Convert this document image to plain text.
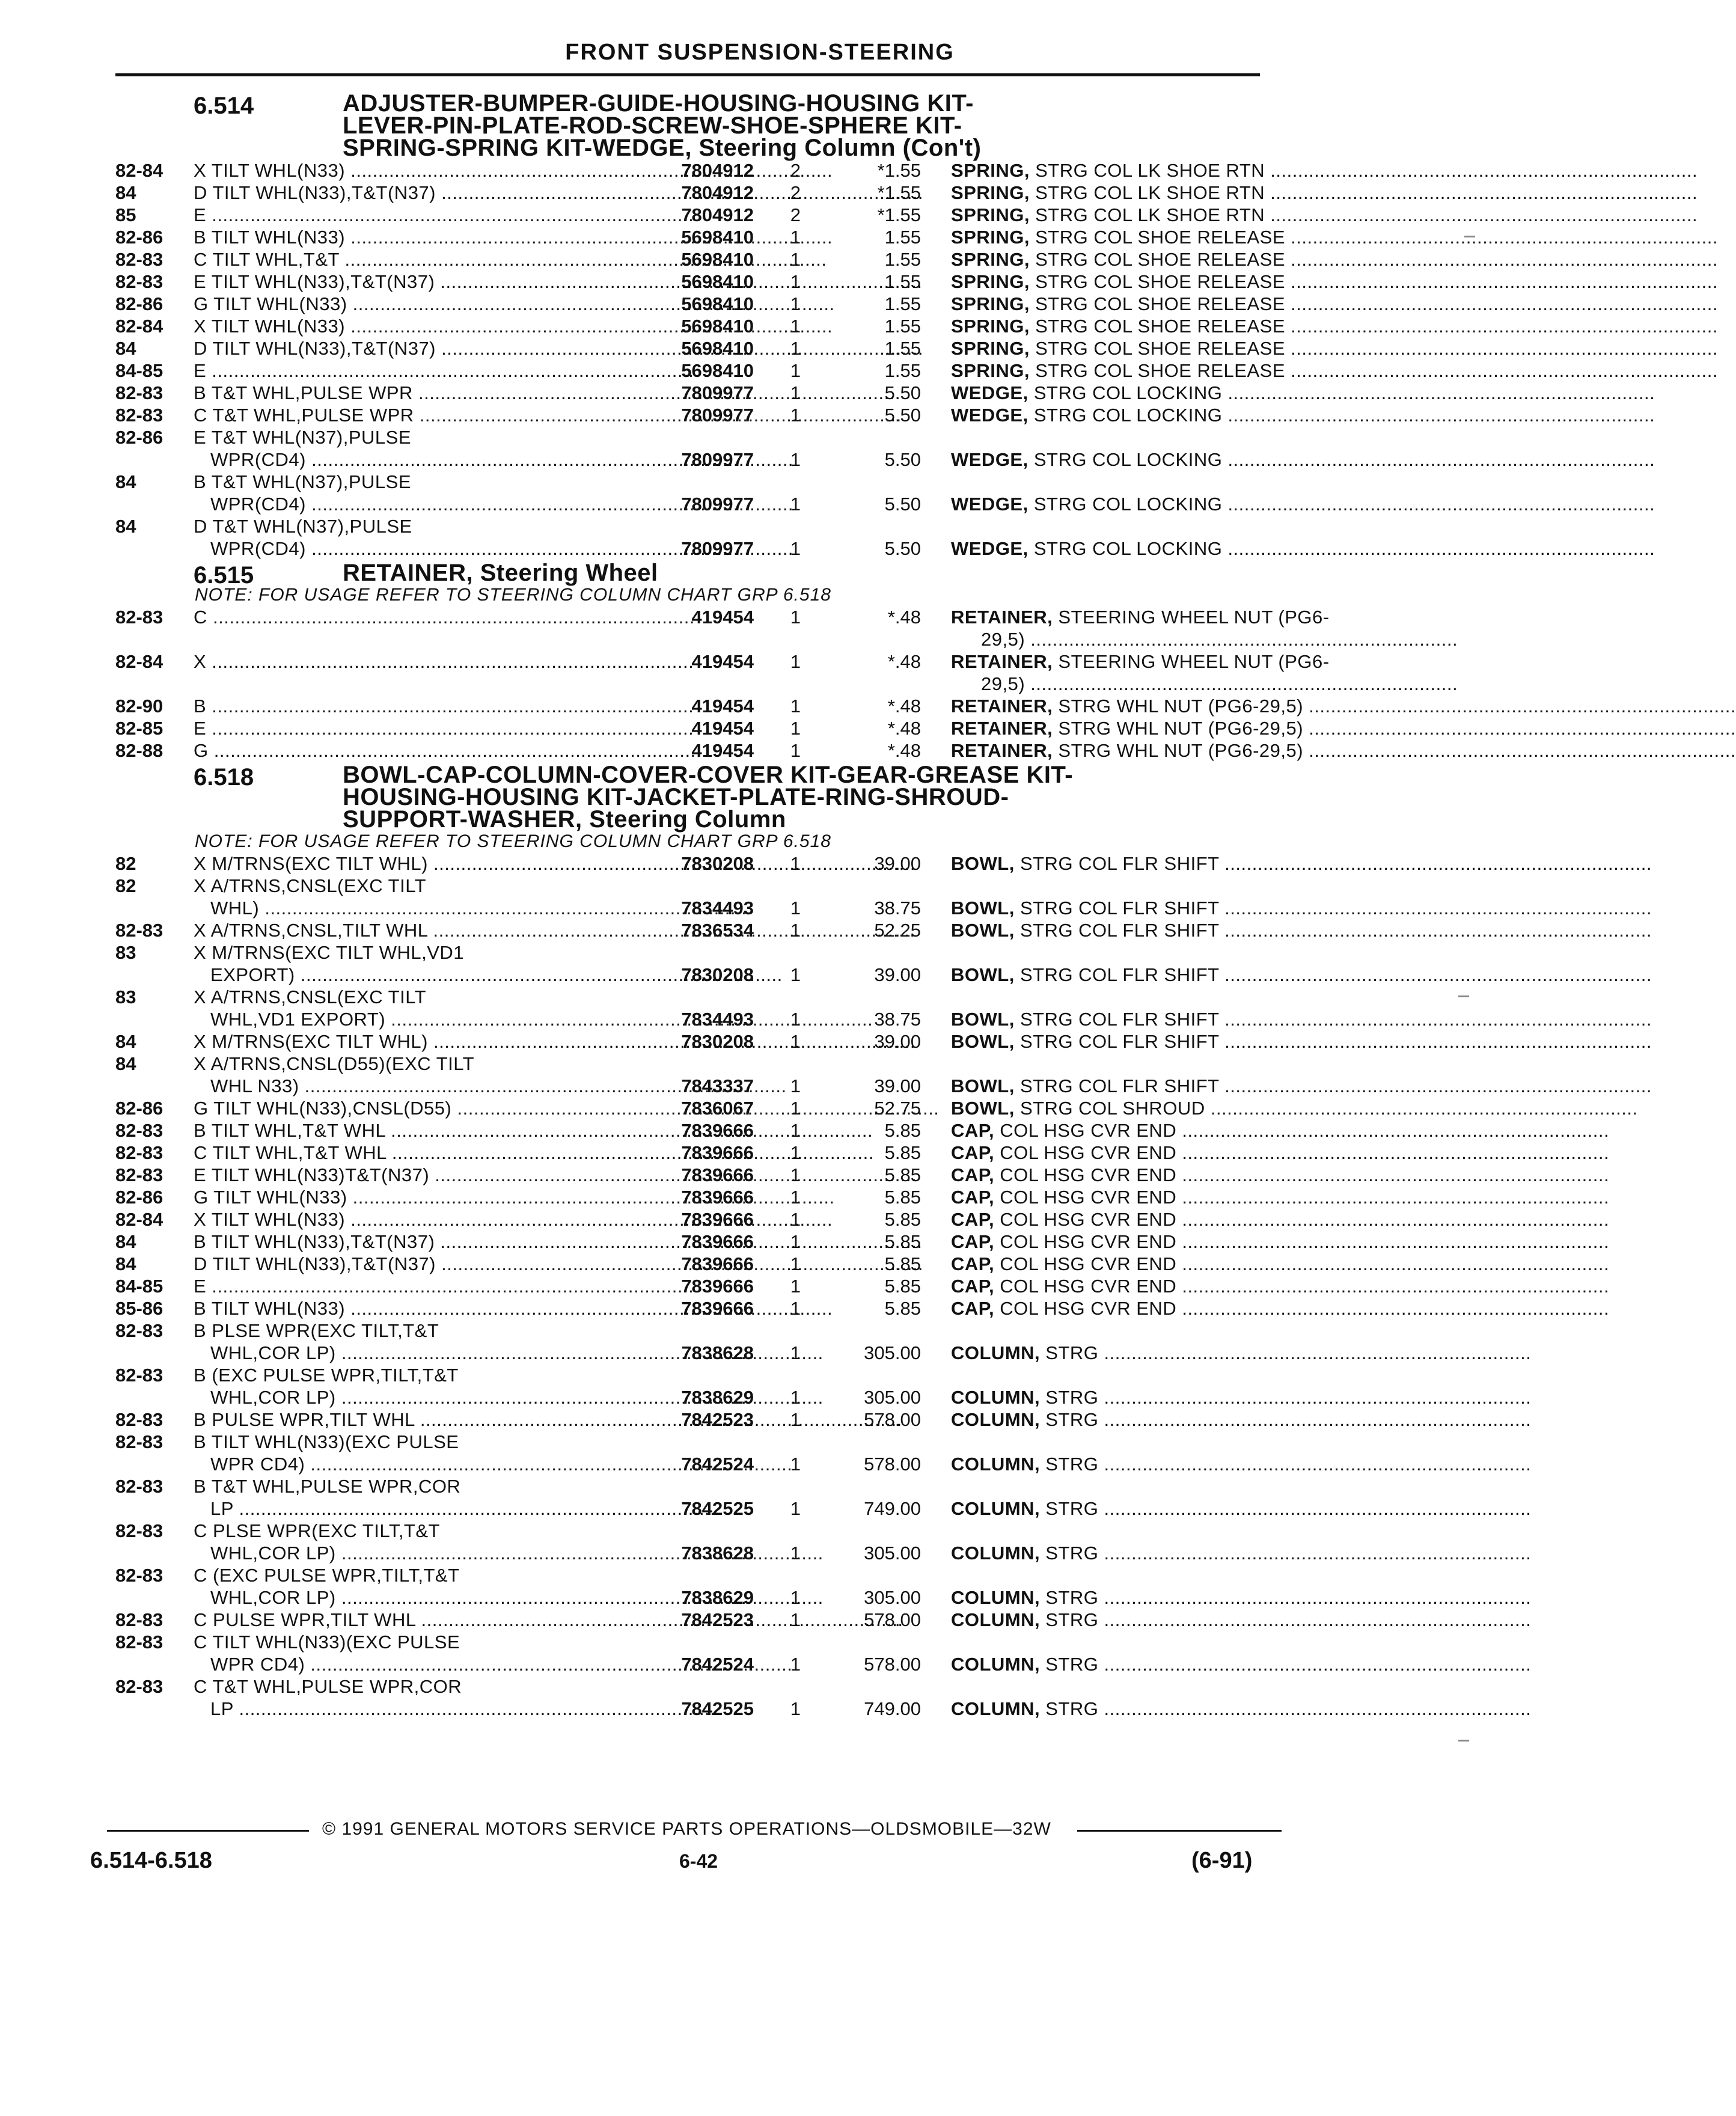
FRONT SUSPENSION-STEERING
6.514	ADJUSTER-BUMPER-GUIDE-HOUSING-HOUSING KIT-
LEVER-PIN-PLATE-ROD-SCREW-SHOE-SPHERE KIT-
SPRING-SPRING KIT-WEDGE, Steering Column (Con't)
82-84 X TILT WHL(N33) .....	7804912	2	*1.55 SPRING, STRG COL LK SHOE RTN .....
84	D TILT WHL(N33),T&T(N37) .....	7804912	2	*1.55 SPRING, STRG COL LK SHOE RTN .....
85	E .....	7804912	2	*1.55 SPRING, STRG COL LK SHOE RTN .....
82-86 B TILT WHL(N33) .....	5698410	1	1.55 SPRING, STRG COL SHOE RELEASE .....
82-83 C TILT WHL,T&T .....	5698410	1	1.55 SPRING, STRG COL SHOE RELEASE .....
82-83 E TILT WHL(N33),T&T(N37) .....	5698410	1	1.55 SPRING, STRG COL SHOE RELEASE .....
82-86 G TILT WHL(N33) .....	5698410	1	1.55 SPRING, STRG COL SHOE RELEASE .....
82-84 X TILT WHL(N33) .....	5698410	1	1.55 SPRING, STRG COL SHOE RELEASE .....
84	D TILT WHL(N33),T&T(N37) .....	5698410	1	1.55 SPRING, STRG COL SHOE RELEASE .....
84-85 E .....	5698410	1	1.55 SPRING, STRG COL SHOE RELEASE .....
82-83 B T&T WHL,PULSE WPR .....	7809977	1	5.50 WEDGE, STRG COL LOCKING .....
82-83 C T&T WHL,PULSE WPR .....	7809977	1	5.50 WEDGE, STRG COL LOCKING .....
82-86 E T&T WHL(N37),PULSE
WPR(CD4) .....	7809977	1	5.50 WEDGE, STRG COL LOCKING .....
84	B T&T WHL(N37),PULSE
WPR(CD4) .....	7809977	1	5.50 WEDGE, STRG COL LOCKING .....
84	D T&T WHL(N37),PULSE
WPR(CD4) .....	7809977	1	5.50 WEDGE, STRG COL LOCKING .....
6.515	RETAINER, Steering Wheel
NOTE: FOR USAGE REFER TO STEERING COLUMN CHART GRP 6.518
82-83 C .....	419454	1	*.48 RETAINER, STEERING WHEEL NUT (PG6-
29,5) .....
82-84 X .....	419454	1	*.48 RETAINER, STEERING WHEEL NUT (PG6-
29,5) .....
82-90 B .....	419454	1	*.48 RETAINER, STRG WHL NUT (PG6-29,5) .....
82-85 E .....	419454	1	*.48 RETAINER, STRG WHL NUT (PG6-29,5) .....
82-88 G .....	419454	1	*.48 RETAINER, STRG WHL NUT (PG6-29,5) .....
6.518	BOWL-CAP-COLUMN-COVER-COVER KIT-GEAR-GREASE KIT-
HOUSING-HOUSING KIT-JACKET-PLATE-RING-SHROUD-
SUPPORT-WASHER, Steering Column
NOTE: FOR USAGE REFER TO STEERING COLUMN CHART GRP 6.518
82	X M/TRNS(EXC TILT WHL) .....	7830208	1	39.00 BOWL, STRG COL FLR SHIFT .....
82	X A/TRNS,CNSL(EXC TILT
WHL) .....	7834493	1	38.75 BOWL, STRG COL FLR SHIFT .....
82-83 X A/TRNS,CNSL,TILT WHL .....	7836534	1	52.25 BOWL, STRG COL FLR SHIFT .....
83	X M/TRNS(EXC TILT WHL,VD1
EXPORT) .....	7830208	1	39.00 BOWL, STRG COL FLR SHIFT .....
83	X A/TRNS,CNSL(EXC TILT
WHL,VD1 EXPORT) .....	7834493	1	38.75 BOWL, STRG COL FLR SHIFT .....
84	X M/TRNS(EXC TILT WHL) .....	7830208	1	39.00 BOWL, STRG COL FLR SHIFT .....
84	X A/TRNS,CNSL(D55)(EXC TILT
WHL N33) .....	7843337	1	39.00 BOWL, STRG COL FLR SHIFT .....
82-86 G TILT WHL(N33),CNSL(D55) .....	7836067	1	52.75 BOWL, STRG COL SHROUD .....
82-83 B TILT WHL,T&T WHL .....	7839666	1	5.85 CAP, COL HSG CVR END .....
82-83 C TILT WHL,T&T WHL .....	7839666	1	5.85 CAP, COL HSG CVR END .....
82-83 E TILT WHL(N33)T&T(N37) .....	7839666	1	5.85 CAP, COL HSG CVR END .....
82-86 G TILT WHL(N33) .....	7839666	1	5.85 CAP, COL HSG CVR END .....
82-84 X TILT WHL(N33) .....	7839666	1	5.85 CAP, COL HSG CVR END .....
84	B TILT WHL(N33),T&T(N37) .....	7839666	1	5.85 CAP, COL HSG CVR END .....
84	D TILT WHL(N33),T&T(N37) .....	7839666	1	5.85 CAP, COL HSG CVR END .....
84-85 E .....	7839666	1	5.85 CAP, COL HSG CVR END .....
85-86 B TILT WHL(N33) .....	7839666	1	5.85 CAP, COL HSG CVR END .....
82-83 B PLSE WPR(EXC TILT,T&T
WHL,COR LP) .....	7838628	1	305.00 COLUMN, STRG .....
82-83 B (EXC PULSE WPR,TILT,T&T
WHL,COR LP) .....	7838629	1	305.00 COLUMN, STRG .....
82-83 B PULSE WPR,TILT WHL .....	7842523	1	578.00 COLUMN, STRG .....
82-83 B TILT WHL(N33)(EXC PULSE
WPR CD4) .....	7842524	1	578.00 COLUMN, STRG .....
82-83 B T&T WHL,PULSE WPR,COR
LP .....	7842525	1	749.00 COLUMN, STRG .....
82-83 C PLSE WPR(EXC TILT,T&T
WHL,COR LP) .....	7838628	1	305.00 COLUMN, STRG .....
82-83 C (EXC PULSE WPR,TILT,T&T
WHL,COR LP) .....	7838629	1	305.00 COLUMN, STRG .....
82-83 C PULSE WPR,TILT WHL .....	7842523	1	578.00 COLUMN, STRG .....
82-83 C TILT WHL(N33)(EXC PULSE
WPR CD4) .....	7842524	1	578.00 COLUMN, STRG .....
82-83 C T&T WHL,PULSE WPR,COR
LP .....	7842525	1	749.00 COLUMN, STRG .....
© 1991 GENERAL MOTORS SERVICE PARTS OPERATIONS—OLDSMOBILE—32W
6.514-6.518	6-42	(6-91)
